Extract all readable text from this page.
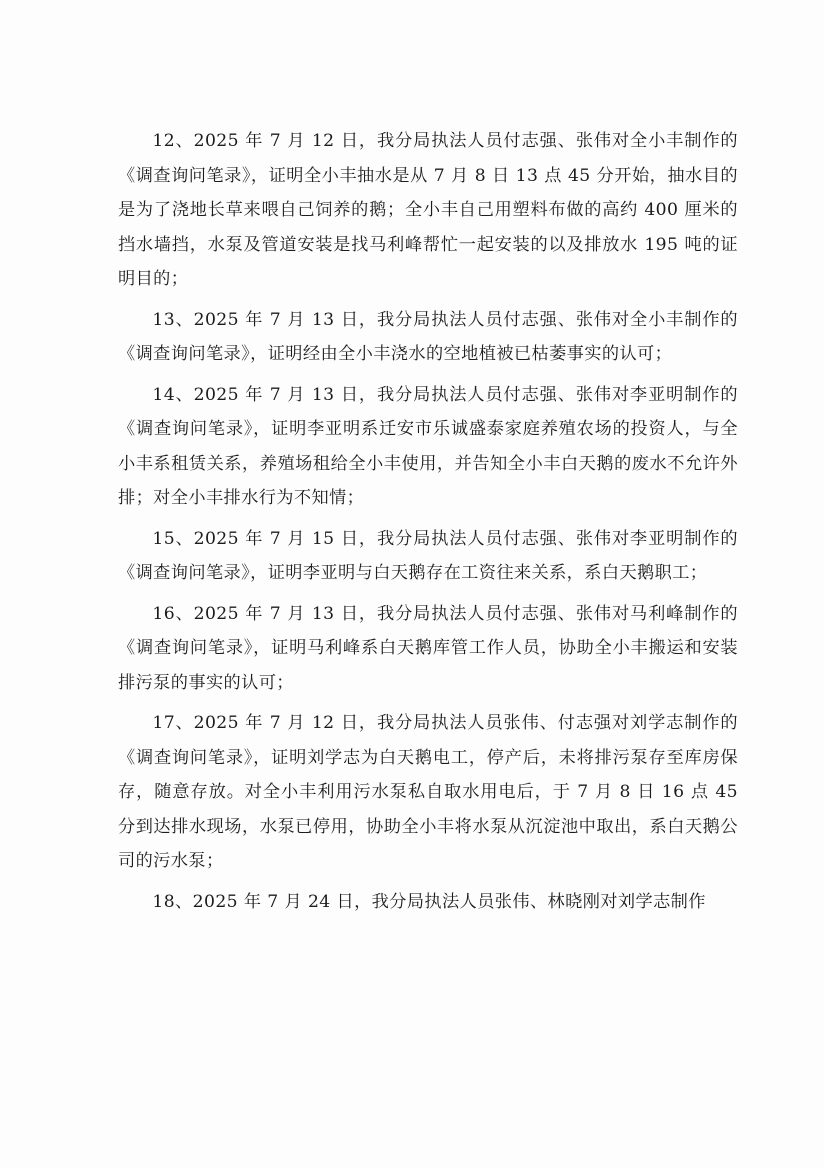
12、2025 年 7 月 12 日，我分局执法人员付志强、张伟对全小丰制作的《调查询问笔录》，证明全小丰抽水是从 7 月 8 日 13 点 45 分开始，抽水目的是为了浇地长草来喂自己饲养的鹅；全小丰自己用塑料布做的高约 400 厘米的挡水墙挡，水泵及管道安装是找马利峰帮忙一起安装的以及排放水 195 吨的证明目的；

13、2025 年 7 月 13 日，我分局执法人员付志强、张伟对全小丰制作的《调查询问笔录》，证明经由全小丰浇水的空地植被已枯萎事实的认可；

14、2025 年 7 月 13 日，我分局执法人员付志强、张伟对李亚明制作的《调查询问笔录》，证明李亚明系迁安市乐诚盛泰家庭养殖农场的投资人，与全小丰系租赁关系，养殖场租给全小丰使用，并告知全小丰白天鹅的废水不允许外排；对全小丰排水行为不知情；

15、2025 年 7 月 15 日，我分局执法人员付志强、张伟对李亚明制作的《调查询问笔录》，证明李亚明与白天鹅存在工资往来关系，系白天鹅职工；

16、2025 年 7 月 13 日，我分局执法人员付志强、张伟对马利峰制作的《调查询问笔录》，证明马利峰系白天鹅库管工作人员，协助全小丰搬运和安装排污泵的事实的认可；

17、2025 年 7 月 12 日，我分局执法人员张伟、付志强对刘学志制作的《调查询问笔录》，证明刘学志为白天鹅电工，停产后，未将排污泵存至库房保存，随意存放。对全小丰利用污水泵私自取水用电后，于 7 月 8 日 16 点 45 分到达排水现场，水泵已停用，协助全小丰将水泵从沉淀池中取出，系白天鹅公司的污水泵；

18、2025 年 7 月 24 日，我分局执法人员张伟、林晓刚对刘学志制作
